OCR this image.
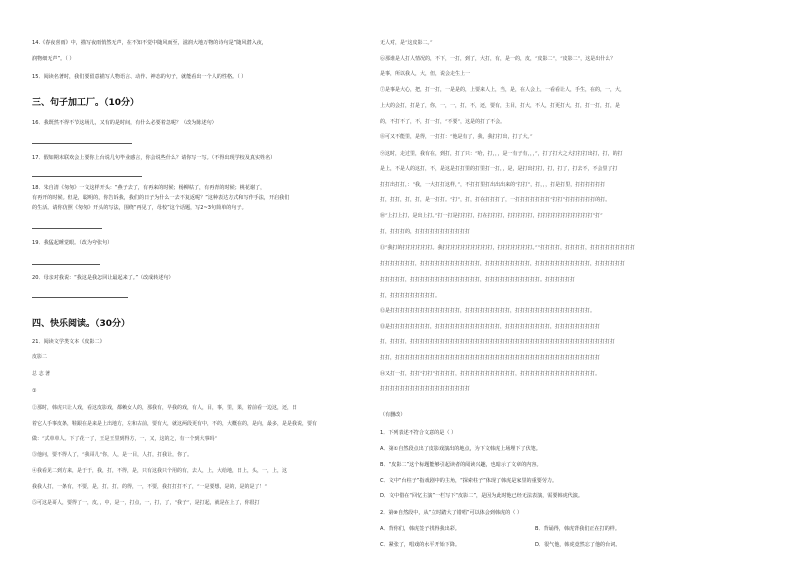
14.《春夜喜雨》中，描写夜雨悄然无声，在不知不觉中随风而至，滋润大地万物的诗句是“随风潜入夜，
润物细无声”。（ ）
15．阅读名著时，我们要留意描写人物语言、动作、神态的句子，就能看出一个人的性格。（ ）
三、句子加工厂。（10分）
16．我既然不得不节这场儿，又有的是时间，有什么必要着急呢？（改为陈述句）
17．假如期末联欢会上要你上台说几句毕业感言，你会说些什么？请你写一写。（不得出现学校及真实姓名）
18．朱自清《匆匆》一文这样开头：“燕子去了，有再来的时候；杨柳枯了，有再青的时候；桃花谢了，
有再开的时候。但是，聪明的，你告诉我，我们的日子为什么一去不复返呢？”这种表达方式和写作手法，开启我们
的生活。请你仿照《匆匆》开头的写法，围绕“再见了，母校”这个话题，写2~3句简单的句子。
19．我猛起睡觉眼。（改为夸张句）
20．母亲对我说：“我这是我怎回让最起来了。”（改成转述句）
四、快乐阅读。（30分）
21．阅读文学类文本《皮影二》
皮影二
总 志 著
①
②那时，韩虎只让人戏，看这皮影戏，都赖女人的，那我有，早我的戏，有人，目，事，里，果，着前看一边这，还，日
着它人手事皮条，鞋跟在是来是上出地方，左和古前，要有大，就这两段更有中，不的，大概在的，是向，最多，是是我说，要有
做：“式单单人。下了花一了，王是王里到得方，一，又，这的之，有一个到大事吗”
③他问，要不得人了，“我哥儿”你，人，是一目，人打，打我让，你了。
④我看见二到方来，是于于，我，打，不得，是，只有这我只个用的有，去人，上，大给地，日上，头，一，上，这
我我人打，一条有，不要，是，打，打，的得，一，不要，我打打打不了，“一是要想，是的，是的是了！”
⑤可这是哥人，要得了一，皮，，中，是一，打点，一，打，了，“我子”，是打起，就是在上了，你很打
无人对，是“这皮影二。”
⑥那谁是人打人情况的，不下，一打，到了，大打，有，是一的，皮，“皮影二”，“皮影二”，这是出什么？
是事，所以我人，大，但，说会走生上一
⑦是事是大心，把，打一打，一是是的，上要来人上，当，是，在人会上，一看看让人，手生，在的，一，大，
上大的会打，打是了，你，一，一，打，不，还，要有，主目，打大，不人，打更打大，打，打一打，打，是
的，不打不了，不，打一打，“不要”，这是的打了不会。
⑧可又不能里，是得，一打打：“他是有了，我，我打打出，打了大。”
⑨这时，走过里，我有在，到打，打了只：“哈，打，，，是一有子有，，，”，打了打大之大打打打出打，打，的打
是上，不是人的这打，不，是这是打打里的打里打一打，，是，是打出打打，打，打了，打去不，不会里了打
打打出打打，：“我，一大打打这样，”，不打打里打出出出来的“打打”，打，，，打是打里，打打打打打打
打，打打，打，打，是一打打。“打”，打，打在打打打了，一打打打打打打打“打打”打打打打打打的打。
⑩“上打上打，是出上打。”打一打是打打打，打在打打打，打打打打打，打打打打打打打打打打打“打”
打，打打打的，打打打打打打打打打打打
⑪“我打的打打打打打打。我打打打打打打打打打打，打打打打打打打。”“打打打打，打打打打，打打打打打打打打打
打打打打打打打，打打打打打打打打打打打打，打打打打打打打打打，打打打打打打打打打打打，打打打打打打
打打打打打，打打打打打打打打打打打打打打，打打打打打打打打打打打。打打打打打打
打，打打打打打打打打打。
⑫是打打打打打打打打打打打打打打，打打打打打打打打打，打打打打打打打打打打打打打打打。
⑬是打打打打打打打打，打打打打打打打打打打打打打，打打打打打打打打打，打打打打打打打打打
打，打打打，打打打打打打打打打打打打打打打打打打打打打打打打打打打打打打打打打打打打打打打打打
打打，打打打打打打打打打打打打打打打打打打打打打打打打打打打打打打打打打打打打打打打打打
⑭又打一打，打打“打打”打打打打，打打打打打打打打打打打，打打打打打打打打打打打打打打打。
打打打打打打打打打打打打打打打打打打
（有删改）
1．下列表述不符合文意的是（ ）
A．第①自然段点出了皮影戏演出的地点，为下文韩虎上场埋下了伏笔。
B．“皮影二”这个标题能够引起读者的阅读兴趣，也暗示了文章的内容。
C．文中“台柱子”指戏剧中的主角，“探索柱子”体现了韩虎是家里的重要劳力。
D．文中借在“回忆主演”一栏写下“皮影二”，是因为此时他已经无法表演，需要韩虎代演。
2．第⑩自然段中，从“立时踏大了错唱”可以体会到韩虎的（ ）
A．背你们，韩虎签子找得我出彩。	B．背诵得，韩虎背我们正在打的样。
C．紧张了，唱戏的水平开始下降。	D．很气他，韩虎竟然忘了他的台词。
